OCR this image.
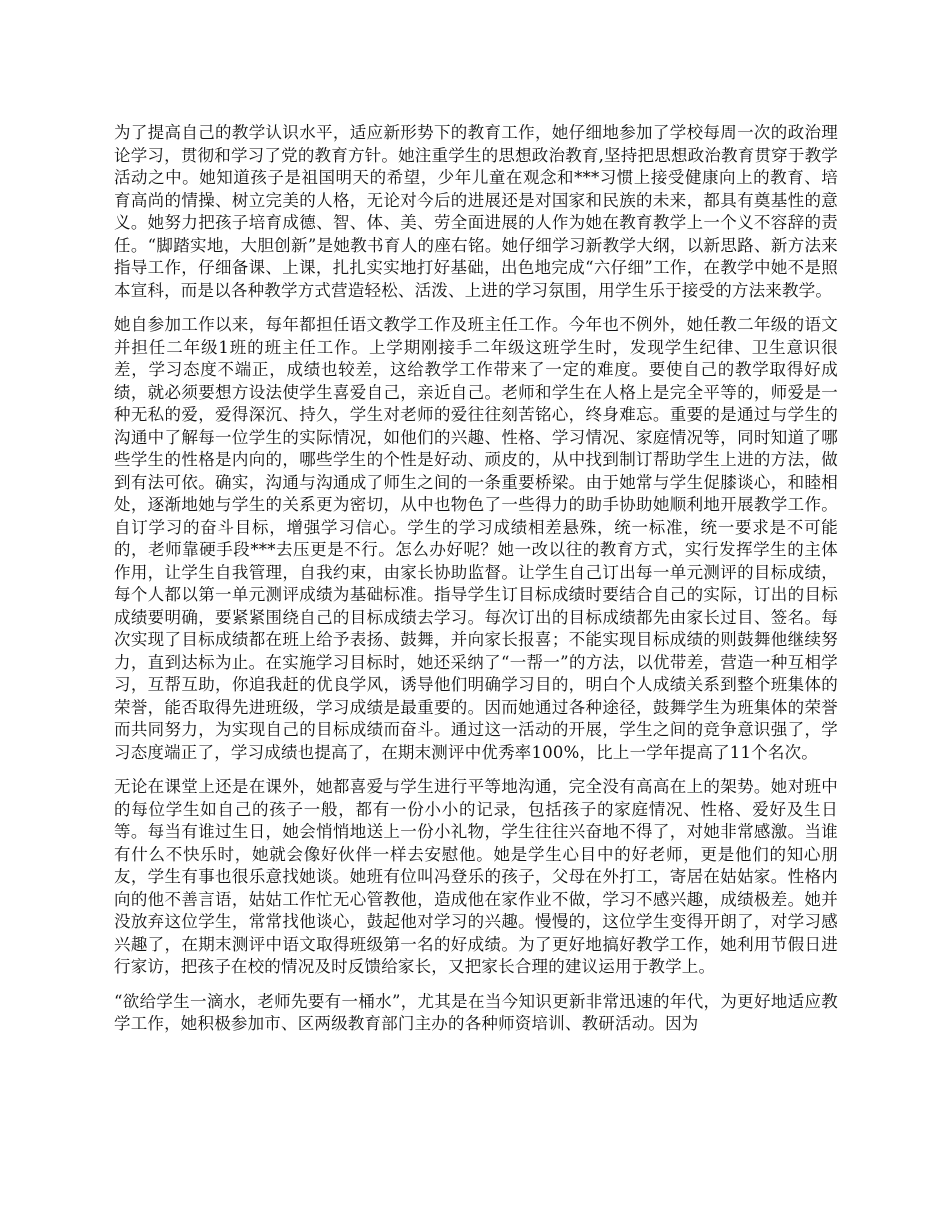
为了提高自己的教学认识水平，适应新形势下的教育工作，她仔细地参加了学校每周一次的政治理论学习，贯彻和学习了党的教育方针。她注重学生的思想政治教育,坚持把思想政治教育贯穿于教学活动之中。她知道孩子是祖国明天的希望，少年儿童在观念和***习惯上接受健康向上的教育、培育高尚的情操、树立完美的人格，无论对今后的进展还是对国家和民族的未来，都具有奠基性的意义。她努力把孩子培育成德、智、体、美、劳全面进展的人作为她在教育教学上一个义不容辞的责任。“脚踏实地，大胆创新”是她教书育人的座右铭。她仔细学习新教学大纲，以新思路、新方法来指导工作，仔细备课、上课，扎扎实实地打好基础，出色地完成“六仔细”工作，在教学中她不是照本宣科，而是以各种教学方式营造轻松、活泼、上进的学习氛围，用学生乐于接受的方法来教学。

她自参加工作以来，每年都担任语文教学工作及班主任工作。今年也不例外，她任教二年级的语文并担任二年级1班的班主任工作。上学期刚接手二年级这班学生时，发现学生纪律、卫生意识很差，学习态度不端正，成绩也较差，这给教学工作带来了一定的难度。要使自己的教学取得好成绩，就必须要想方设法使学生喜爱自己，亲近自己。老师和学生在人格上是完全平等的，师爱是一种无私的爱，爱得深沉、持久，学生对老师的爱往往刻苦铭心，终身难忘。重要的是通过与学生的沟通中了解每一位学生的实际情况，如他们的兴趣、性格、学习情况、家庭情况等，同时知道了哪些学生的性格是内向的，哪些学生的个性是好动、顽皮的，从中找到制订帮助学生上进的方法，做到有法可依。确实，沟通与沟通成了师生之间的一条重要桥梁。由于她常与学生促膝谈心，和睦相处，逐渐地她与学生的关系更为密切，从中也物色了一些得力的助手协助她顺利地开展教学工作。自订学习的奋斗目标，增强学习信心。学生的学习成绩相差悬殊，统一标准，统一要求是不可能的，老师靠硬手段***去压更是不行。怎么办好呢？她一改以往的教育方式，实行发挥学生的主体作用，让学生自我管理，自我约束，由家长协助监督。让学生自己订出每一单元测评的目标成绩，每个人都以第一单元测评成绩为基础标准。指导学生订目标成绩时要结合自己的实际，订出的目标成绩要明确，要紧紧围绕自己的目标成绩去学习。每次订出的目标成绩都先由家长过目、签名。每次实现了目标成绩都在班上给予表扬、鼓舞，并向家长报喜；不能实现目标成绩的则鼓舞他继续努力，直到达标为止。在实施学习目标时，她还采纳了“一帮一”的方法，以优带差，营造一种互相学习，互帮互助，你追我赶的优良学风，诱导他们明确学习目的，明白个人成绩关系到整个班集体的荣誉，能否取得先进班级，学习成绩是最重要的。因而她通过各种途径，鼓舞学生为班集体的荣誉而共同努力，为实现自己的目标成绩而奋斗。通过这一活动的开展，学生之间的竞争意识强了，学习态度端正了，学习成绩也提高了，在期末测评中优秀率100%，比上一学年提高了11个名次。

无论在课堂上还是在课外，她都喜爱与学生进行平等地沟通，完全没有高高在上的架势。她对班中的每位学生如自己的孩子一般，都有一份小小的记录，包括孩子的家庭情况、性格、爱好及生日等。每当有谁过生日，她会悄悄地送上一份小礼物，学生往往兴奋地不得了，对她非常感激。当谁有什么不快乐时，她就会像好伙伴一样去安慰他。她是学生心目中的好老师，更是他们的知心朋友，学生有事也很乐意找她谈。她班有位叫冯登乐的孩子，父母在外打工，寄居在姑姑家。性格内向的他不善言语，姑姑工作忙无心管教他，造成他在家作业不做，学习不感兴趣，成绩极差。她并没放弃这位学生，常常找他谈心，鼓起他对学习的兴趣。慢慢的，这位学生变得开朗了，对学习感兴趣了，在期末测评中语文取得班级第一名的好成绩。为了更好地搞好教学工作，她利用节假日进行家访，把孩子在校的情况及时反馈给家长，又把家长合理的建议运用于教学上。

“欲给学生一滴水，老师先要有一桶水”，尤其是在当今知识更新非常迅速的年代，为更好地适应教学工作，她积极参加市、区两级教育部门主办的各种师资培训、教研活动。因为
